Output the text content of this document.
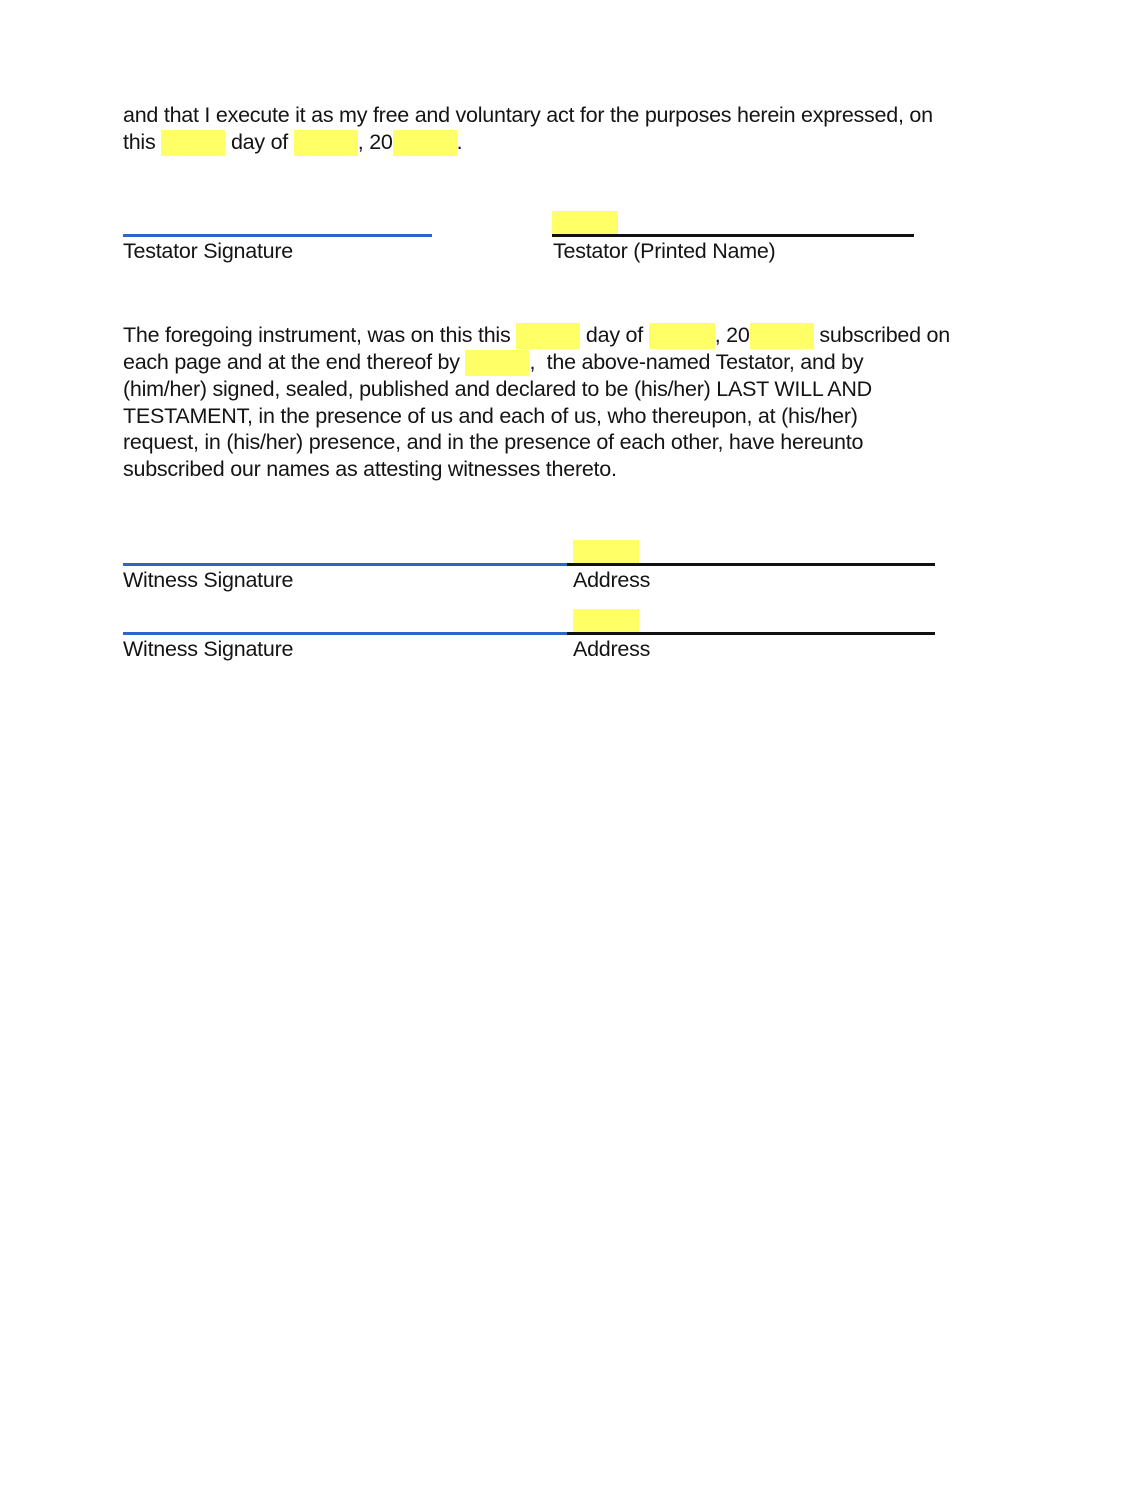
and that I execute it as my free and voluntary act for the purposes herein expressed, on
this	day of	, 20	.
Testator Signature	Testator (Printed Name)
The foregoing instrument, was on this this	day of	, 20	subscribed on
each page and at the end thereof by	,  the above-named Testator, and by
(him/her) signed, sealed, published and declared to be (his/her) LAST WILL AND
TESTAMENT, in the presence of us and each of us, who thereupon, at (his/her)
request, in (his/her) presence, and in the presence of each other, have hereunto
subscribed our names as attesting witnesses thereto.
Witness Signature	Address
Witness Signature	Address
